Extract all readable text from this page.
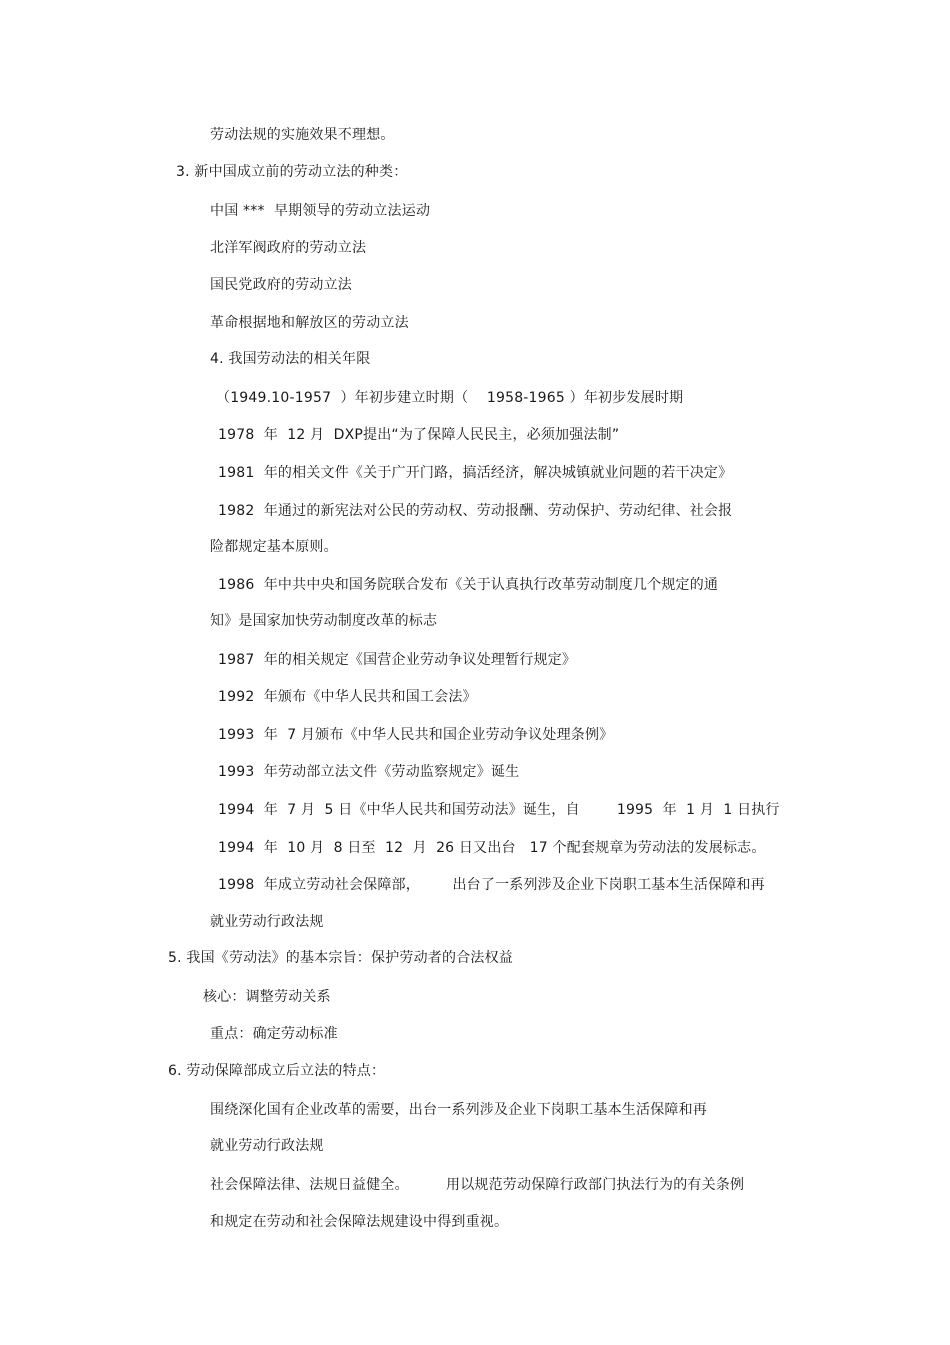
劳动法规的实施效果不理想。
3. 新中国成立前的劳动立法的种类：
中国 ***  早期领导的劳动立法运动
北洋军阀政府的劳动立法
国民党政府的劳动立法
革命根据地和解放区的劳动立法
4. 我国劳动法的相关年限
（1949.10-1957  ）年初步建立时期（    1958-1965 ）年初步发展时期
1978  年  12 月  DXP提出“为了保障人民民主，必须加强法制”
1981  年的相关文件《关于广开门路，搞活经济，解决城镇就业问题的若干决定》
1982  年通过的新宪法对公民的劳动权、劳动报酬、劳动保护、劳动纪律、社会报
险都规定基本原则。
1986  年中共中央和国务院联合发布《关于认真执行改革劳动制度几个规定的通
知》是国家加快劳动制度改革的标志
1987  年的相关规定《国营企业劳动争议处理暂行规定》
1992  年颁布《中华人民共和国工会法》
1993  年  7 月颁布《中华人民共和国企业劳动争议处理条例》
1993  年劳动部立法文件《劳动监察规定》诞生
1994  年  7 月  5 日《中华人民共和国劳动法》诞生，自        1995  年  1 月  1 日执行
1994  年  10 月  8 日至  12  月  26 日又出台   17 个配套规章为劳动法的发展标志。
1998  年成立劳动社会保障部，       出台了一系列涉及企业下岗职工基本生活保障和再
就业劳动行政法规
5. 我国《劳动法》的基本宗旨：保护劳动者的合法权益
核心：调整劳动关系
重点：确定劳动标准
6. 劳动保障部成立后立法的特点：
围绕深化国有企业改革的需要，出台一系列涉及企业下岗职工基本生活保障和再
就业劳动行政法规
社会保障法律、法规日益健全。        用以规范劳动保障行政部门执法行为的有关条例
和规定在劳动和社会保障法规建设中得到重视。
